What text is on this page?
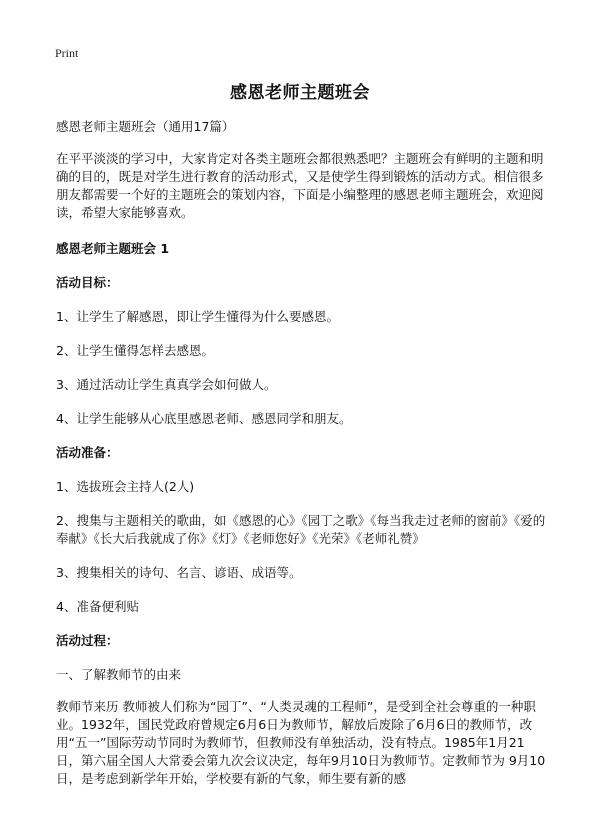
Print
感恩老师主题班会

感恩老师主题班会（通用17篇）

在平平淡淡的学习中，大家肯定对各类主题班会都很熟悉吧？主题班会有鲜明的主题和明确的目的，既是对学生进行教育的活动形式，又是使学生得到锻炼的活动方式。相信很多朋友都需要一个好的主题班会的策划内容，下面是小编整理的感恩老师主题班会，欢迎阅读，希望大家能够喜欢。

感恩老师主题班会 1

活动目标：

1、让学生了解感恩，即让学生懂得为什么要感恩。

2、让学生懂得怎样去感恩。

3、通过活动让学生真真学会如何做人。

4、让学生能够从心底里感恩老师、感恩同学和朋友。

活动准备：

1、选拔班会主持人(2人)

2、搜集与主题相关的歌曲，如《感恩的心》《园丁之歌》《每当我走过老师的窗前》《爱的奉献》《长大后我就成了你》《灯》《老师您好》《光荣》《老师礼赞》

3、搜集相关的诗句、名言、谚语、成语等。

4、准备便利贴

活动过程：

一、了解教师节的由来

教师节来历 教师被人们称为“园丁”、“人类灵魂的工程师”，是受到全社会尊重的一种职业。1932年，国民党政府曾规定6月6日为教师节，解放后废除了6月6日的教师节，改用“五一”国际劳动节同时为教师节，但教师没有单独活动，没有特点。1985年1月21日，第六届全国人大常委会第九次会议决定，每年9月10日为教师节。定教师节为 9月10日，是考虑到新学年开始，学校要有新的气象，师生要有新的感
